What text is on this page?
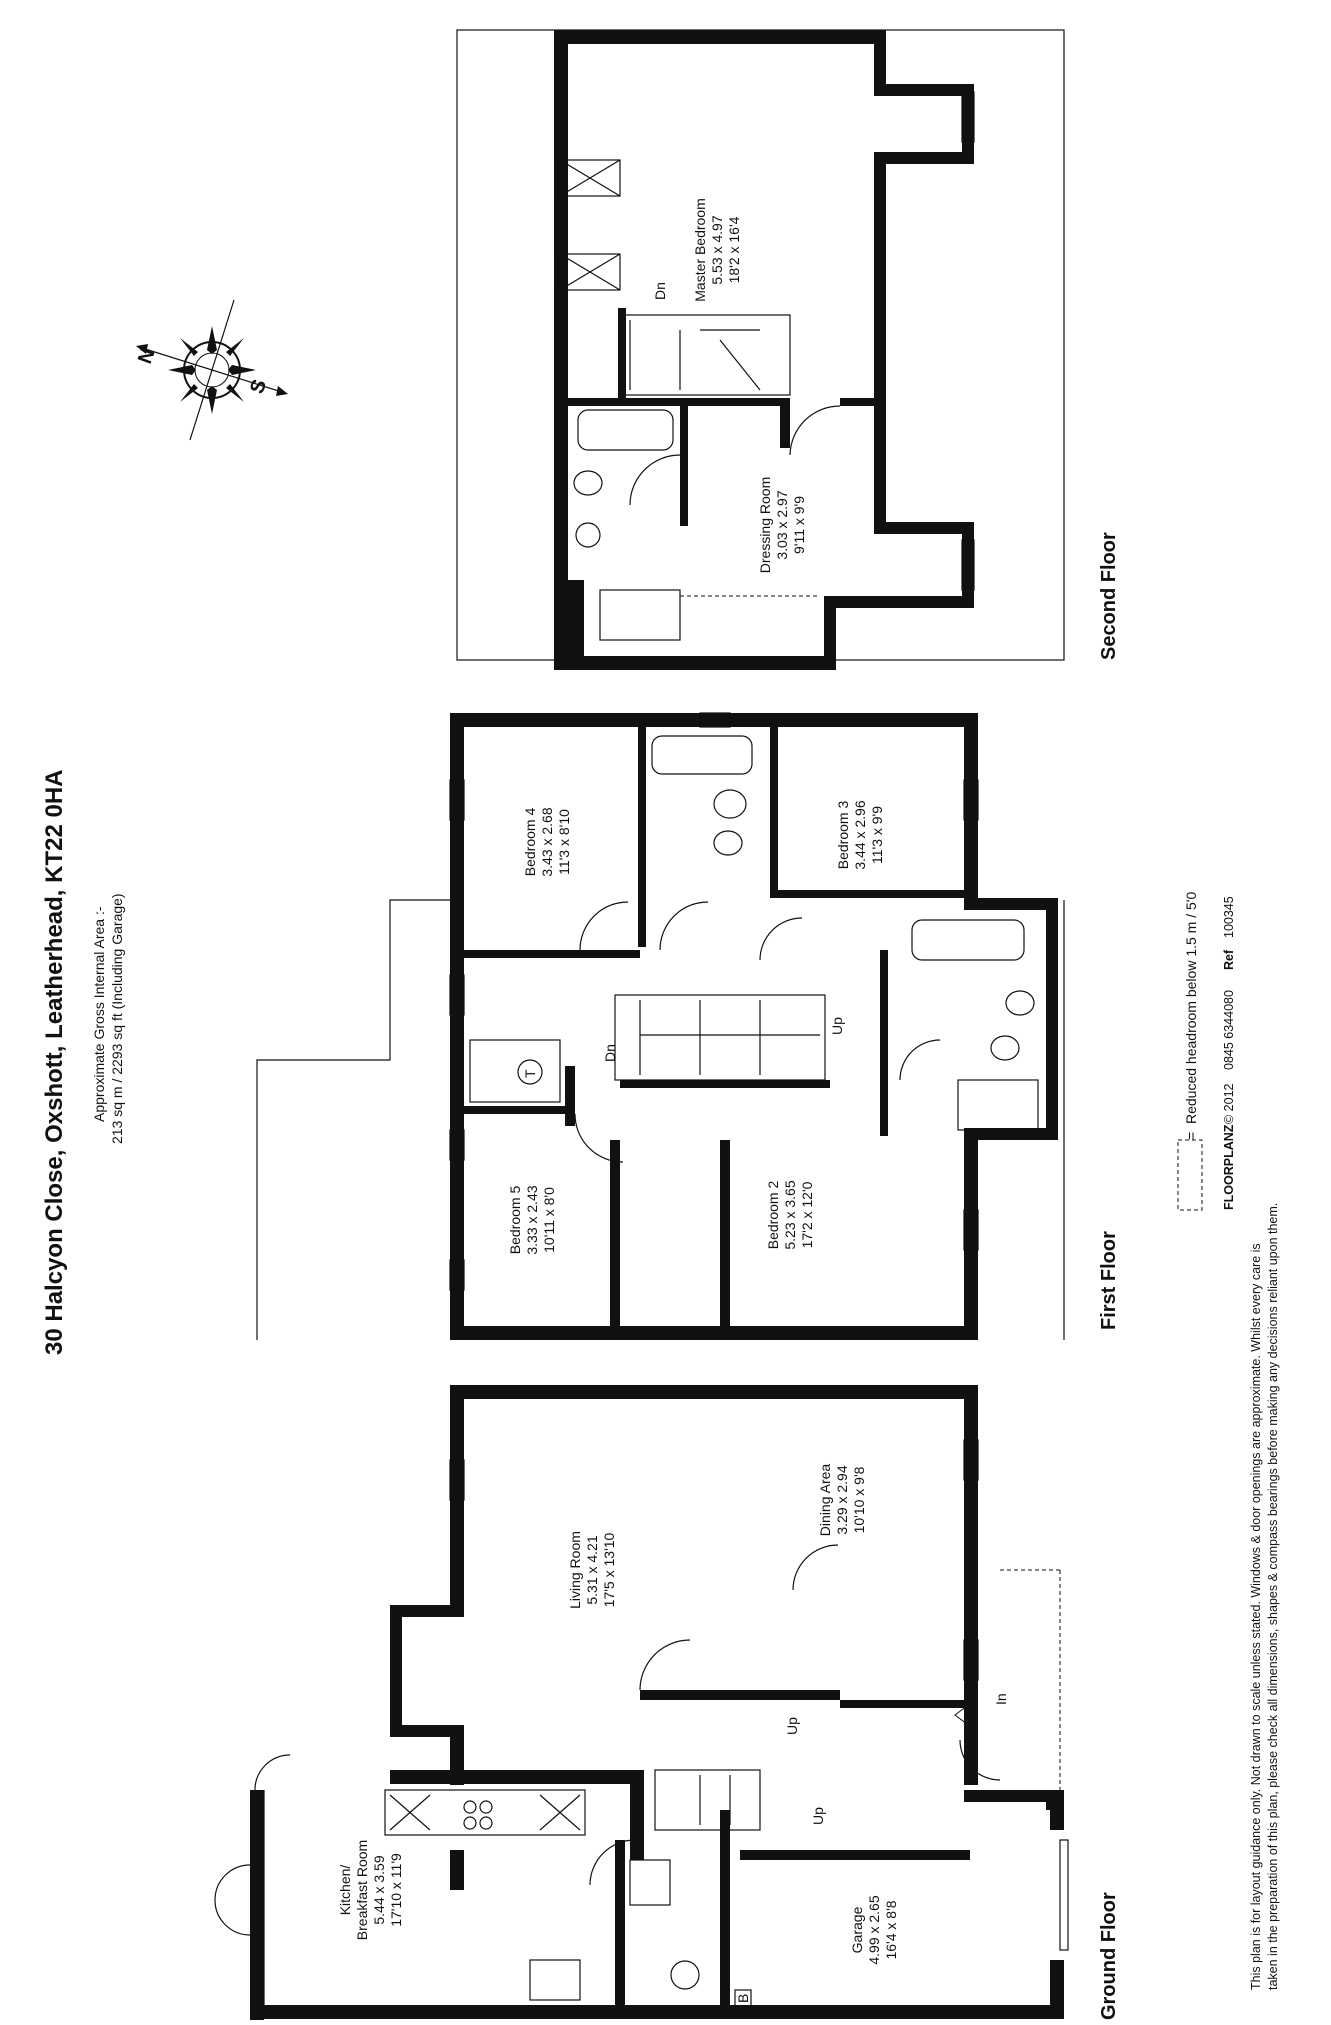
30 Halcyon Close, Oxshott, Leatherhead, KT22 0HA Approximate Gross Internal Area :- 213 sq m / 2293 sq ft (Including Garage)
N
S
Master Bedroom 5.53 x 4.97 18'2 x 16'4
Dressing Room 3.03 x 2.97 9'11 x 9'9
Dn
Second Floor
Bedroom 4 3.43 x 2.68 11'3 x 8'10	Bedroom 3 3.44 x 2.96 11'3 x 9'9
Bedroom 5 3.33 x 2.43 10'11 x 8'0	Bedroom 2 5.23 x 3.65 17'2 x 12'0
Up
Dn
T
First Floor
Living Room 5.31 x 4.21 17'5 x 13'10
Dining Area 3.29 x 2.94 10'10 x 9'8
Kitchen/ Breakfast Room 5.44 x 3.59 17'10 x 11'9
Garage 4.99 x 2.65 16'4 x 8'8
Up
Up
In
B	Ground Floor
=
Reduced headroom below 1.5 m / 5'0
FLOORPLANZ
© 2012
0845 6344080
Ref
100345
This plan is for layout guidance only. Not drawn to scale unless stated. Windows & door openings are approximate. Whilst every care is taken in the preparation of this plan, please check all dimensions, shapes & compass bearings before making any decisions reliant upon them.
